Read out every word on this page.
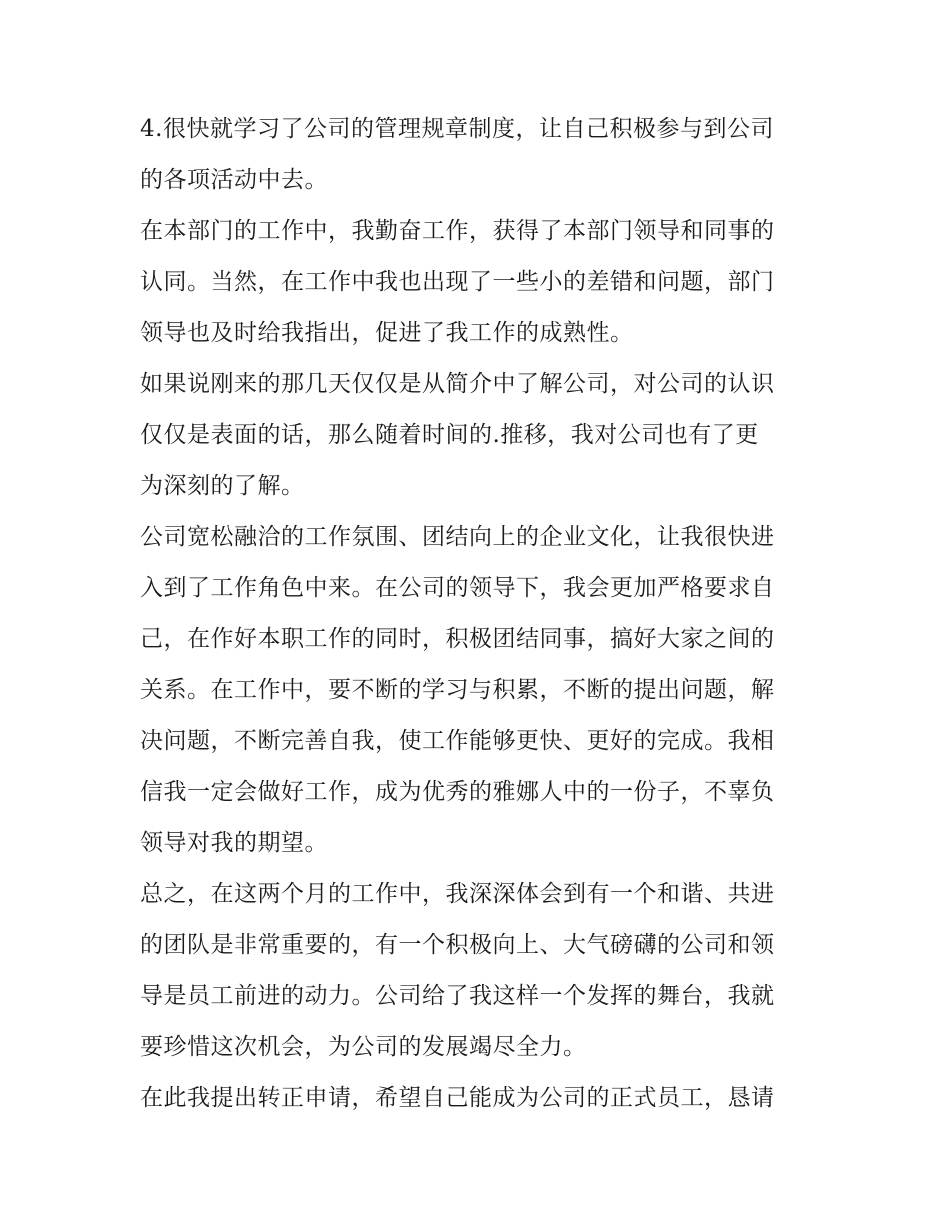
4.很快就学习了公司的管理规章制度，让自己积极参与到公司
的各项活动中去。
在本部门的工作中，我勤奋工作，获得了本部门领导和同事的
认同。当然，在工作中我也出现了一些小的差错和问题，部门
领导也及时给我指出，促进了我工作的成熟性。
如果说刚来的那几天仅仅是从简介中了解公司，对公司的认识
仅仅是表面的话，那么随着时间的.推移，我对公司也有了更
为深刻的了解。
公司宽松融洽的工作氛围、团结向上的企业文化，让我很快进
入到了工作角色中来。在公司的领导下，我会更加严格要求自
己，在作好本职工作的同时，积极团结同事，搞好大家之间的
关系。在工作中，要不断的学习与积累，不断的提出问题，解
决问题，不断完善自我，使工作能够更快、更好的完成。我相
信我一定会做好工作，成为优秀的雅娜人中的一份子，不辜负
领导对我的期望。
总之，在这两个月的工作中，我深深体会到有一个和谐、共进
的团队是非常重要的，有一个积极向上、大气磅礴的公司和领
导是员工前进的动力。公司给了我这样一个发挥的舞台，我就
要珍惜这次机会，为公司的发展竭尽全力。
在此我提出转正申请，希望自己能成为公司的正式员工，恳请
